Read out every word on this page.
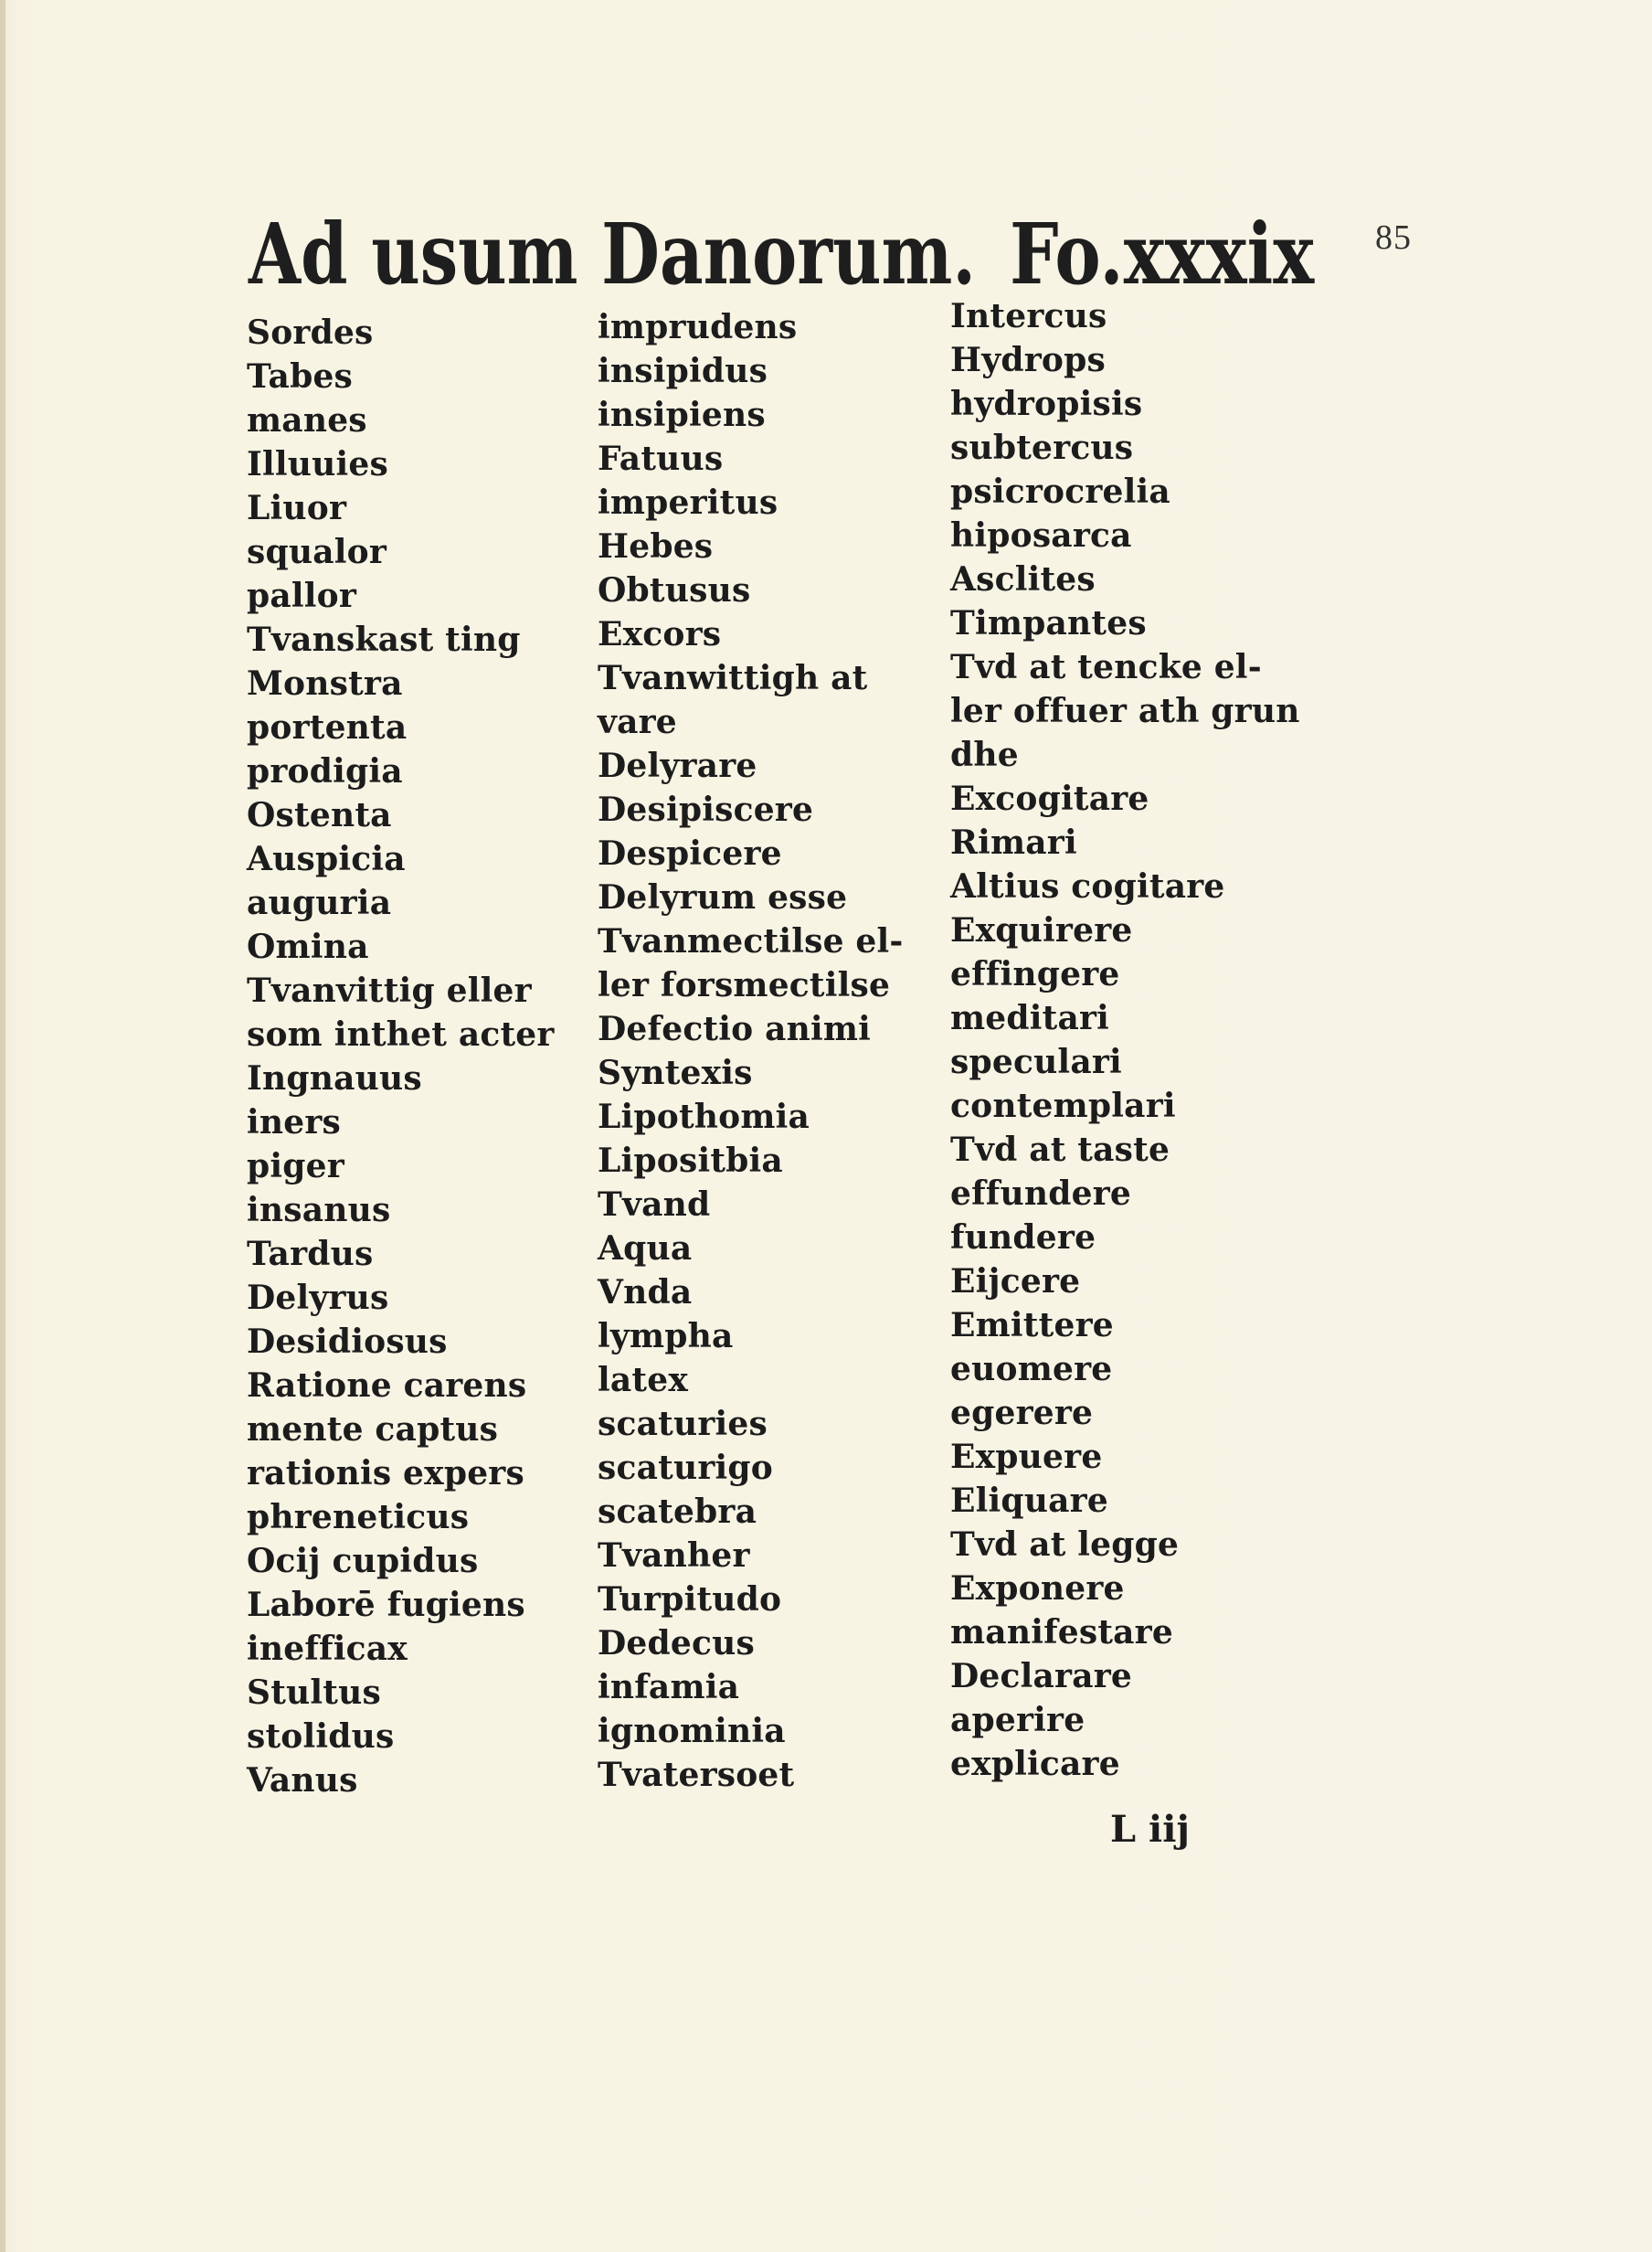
Ad usum Danorum. Fo.xxxix 85
Sordes
Tabes
manes
Illuuies
Liuor
squalor
pallor
Tvanskast ting
Monstra
portenta
prodigia
Ostenta
Auspicia
auguria
Omina
Tvanvittig eller
som inthet acter
Ingnauus
iners
piger
insanus
Tardus
Delyrus
Desidiosus
Ratione carens
mente captus
rationis expers
phreneticus
Ocij cupidus
Laborē fugiens
inefficax
Stultus
stolidus
Vanus
imprudens
insipidus
insipiens
Fatuus
imperitus
Hebes
Obtusus
Excors
Tvanwittigh at
vare
Delyrare
Desipiscere
Despicere
Delyrum esse
Tvanmectilse el-
ler forsmectilse
Defectio animi
Syntexis
Lipothomia
Lipositbia
Tvand
Aqua
Vnda
lympha
latex
scaturies
scaturigo
scatebra
Tvanher
Turpitudo
Dedecus
infamia
ignominia
Tvatersoet
Intercus
Hydrops
hydropisis
subtercus
psicrocrelia
hiposarca
Asclites
Timpantes
Tvd at tencke el-
ler offuer ath grun
dhe
Excogitare
Rimari
Altius cogitare
Exquirere
effingere
meditari
speculari
contemplari
Tvd at taste
effundere
fundere
Eijcere
Emittere
euomere
egerere
Expuere
Eliquare
Tvd at legge
Exponere
manifestare
Declarare
aperire
explicare
L iij
